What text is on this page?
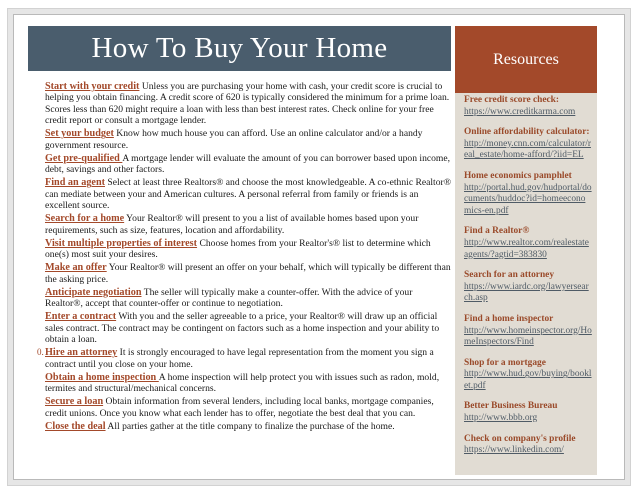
How To Buy Your Home	Resources
Start with your credit Unless you are purchasing your home with cash, your credit score is crucial to helping you obtain financing. A credit score of 620 is typically considered the minimum for a prime loan. Scores less than 620 might require a loan with less than best interest rates. Check online for your free credit report or consult a mortgage lender.
Set your budget Know how much house you can afford. Use an online calculator and/or a handy government resource.
Get pre-qualified A mortgage lender will evaluate the amount of you can borrower based upon income, debt, savings and other factors.
Find an agent Select at least three Realtors® and choose the most knowledgeable. A co-ethnic Realtor® can mediate between your and American cultures. A personal referral from family or friends is an excellent source.
Search for a home Your Realtor® will present to you a list of available homes based upon your requirements, such as size, features, location and affordability.
Visit multiple properties of interest Choose homes from your Realtor's® list to determine which one(s) most suit your desires.
Make an offer Your Realtor® will present an offer on your behalf, which will typically be different than the asking price.
Anticipate negotiation The seller will typically make a counter-offer. With the advice of your Realtor®, accept that counter-offer or continue to negotiation.
Enter a contract With you and the seller agreeable to a price, your Realtor® will draw up an official sales contract. The contract may be contingent on factors such as a home inspection and your ability to obtain a loan.
0. Hire an attorney It is strongly encouraged to have legal representation from the moment you sign a contract until you close on your home.
Obtain a home inspection A home inspection will help protect you with issues such as radon, mold, termites and structural/mechanical concerns.
Secure a loan Obtain information from several lenders, including local banks, mortgage companies, credit unions. Once you know what each lender has to offer, negotiate the best deal that you can.
Close the deal All parties gather at the title company to finalize the purchase of the home.
Free credit score check:
https://www.creditkarma.com
Online affordability calculator:
http://money.cnn.com/calculator/real_estate/home-afford/?iid=EL
Home economics pamphlet
http://portal.hud.gov/hudportal/documents/huddoc?id=homeeconomics-en.pdf
Find a Realtor®
http://www.realtor.com/realestateagents/?agtid=383830
Search for an attorney
https://www.iardc.org/lawyersearch.asp
Find a home inspector
http://www.homeinspector.org/HomeInspectors/Find
Shop for a mortgage
http://www.hud.gov/buying/booklet.pdf
Better Business Bureau
http://www.bbb.org
Check on company's profile
https://www.linkedin.com/
